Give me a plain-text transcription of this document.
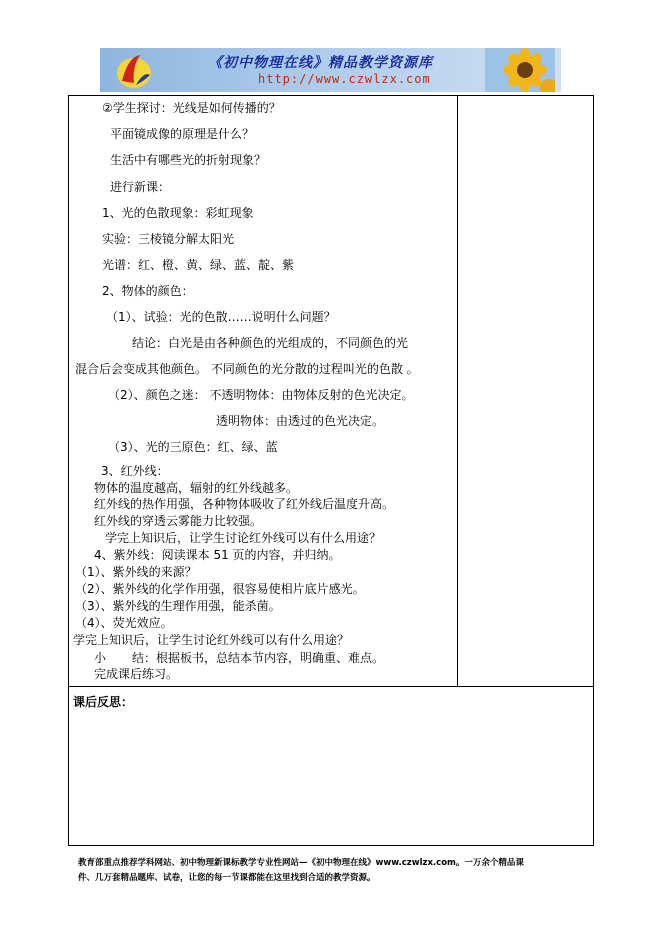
《初中物理在线》精品教学资源库
http://www.czwlzx.com
②学生探讨：光线是如何传播的？
平面镜成像的原理是什么？
生活中有哪些光的折射现象？
进行新课：
1、光的色散现象：彩虹现象
实验：三棱镜分解太阳光
光谱：红、橙、黄、绿、蓝、靛、紫
2、物体的颜色：
（1）、试验：光的色散……说明什么问题？
结论：白光是由各种颜色的光组成的，不同颜色的光
混合后会变成其他颜色。 不同颜色的光分散的过程叫光的色散 。
（2）、颜色之迷： 不透明物体：由物体反射的色光决定。
透明物体：由透过的色光决定。
（3）、光的三原色：红、绿、蓝
3、红外线：
物体的温度越高，辐射的红外线越多。
红外线的热作用强，各种物体吸收了红外线后温度升高。
红外线的穿透云雾能力比较强。
学完上知识后，让学生讨论红外线可以有什么用途？
4、紫外线：阅读课本 51 页的内容，并归纳。
（1）、紫外线的来源？
（2）、紫外线的化学作用强，很容易使相片底片感光。
（3）、紫外线的生理作用强，能杀菌。
（4）、荧光效应。
学完上知识后，让学生讨论红外线可以有什么用途？
小 结：根据板书，总结本节内容，明确重、难点。
完成课后练习。
课后反思：
教育部重点推荐学科网站、初中物理新课标教学专业性网站—《初中物理在线》www.czwlzx.com。一万余个精品课
件、几万套精品题库、试卷，让您的每一节课都能在这里找到合适的教学资源。
